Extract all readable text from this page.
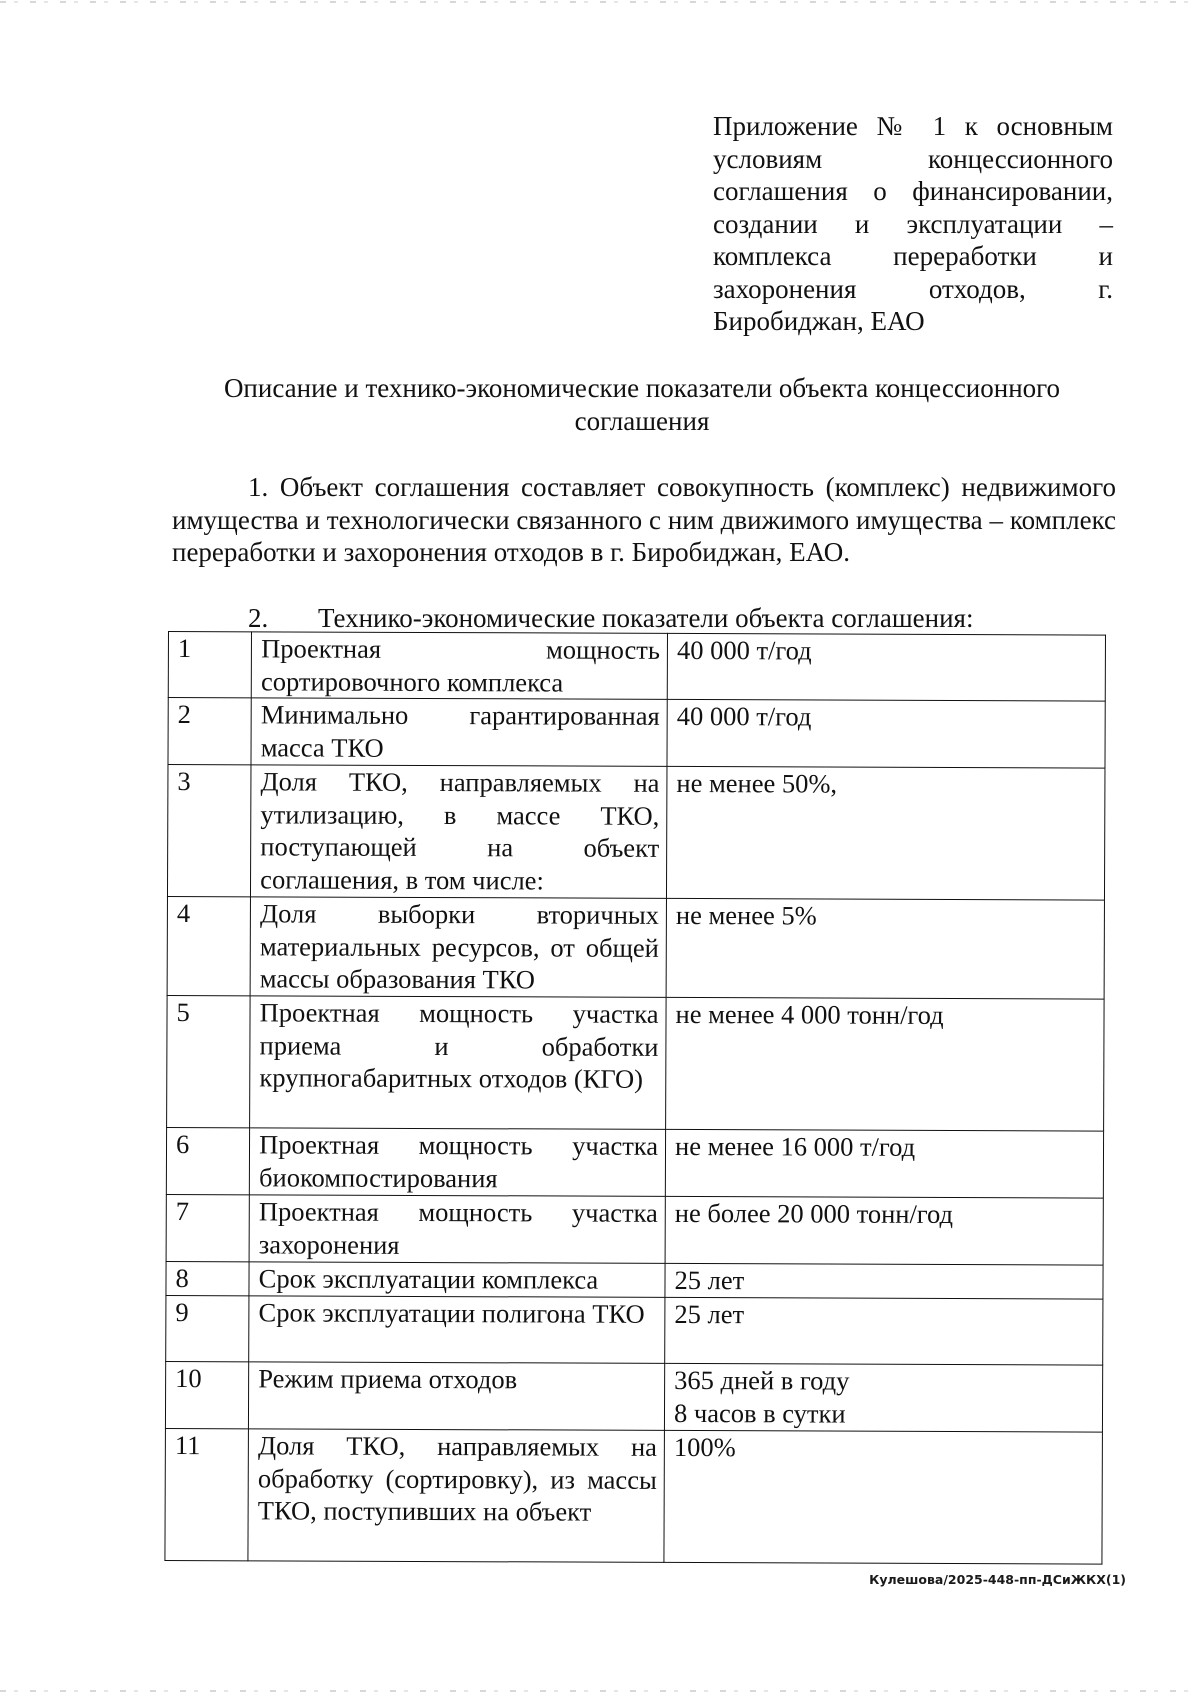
Приложение № 1 к основным условиям концессионного соглашения о финансировании, создании и эксплуатации – комплекса переработки и захоронения отходов, г. Биробиджан, ЕАО
Описание и технико-экономические показатели объекта концессионного соглашения
1. Объект соглашения составляет совокупность (комплекс) недвижимого имущества и технологически связанного с ним движимого имущества – комплекс переработки и захоронения отходов в г. Биробиджан, ЕАО.
2. Технико-экономические показатели объекта соглашения:
1	Проектная мощность сортировочного комплекса	40 000 т/год
2	Минимально гарантированная масса ТКО	40 000 т/год
3	Доля ТКО, направляемых на утилизацию, в массе ТКО, поступающей на объект соглашения, в том числе:	не менее 50%,
4	Доля выборки вторичных материальных ресурсов, от общей массы образования ТКО	не менее 5%
5	Проектная мощность участка приема и обработки крупногабаритных отходов (КГО)	не менее 4 000 тонн/год
6	Проектная мощность участка биокомпостирования	не менее 16 000 т/год
7	Проектная мощность участка захоронения	не более 20 000 тонн/год
8	Срок эксплуатации комплекса	25 лет
9	Срок эксплуатации полигона ТКО	25 лет
10	Режим приема отходов	365 дней в году
8 часов в сутки

11	Доля ТКО, направляемых на обработку (сортировку), из массы ТКО, поступивших на объект	100%
Кулешова/2025-448-пп-ДСиЖКХ(1)
